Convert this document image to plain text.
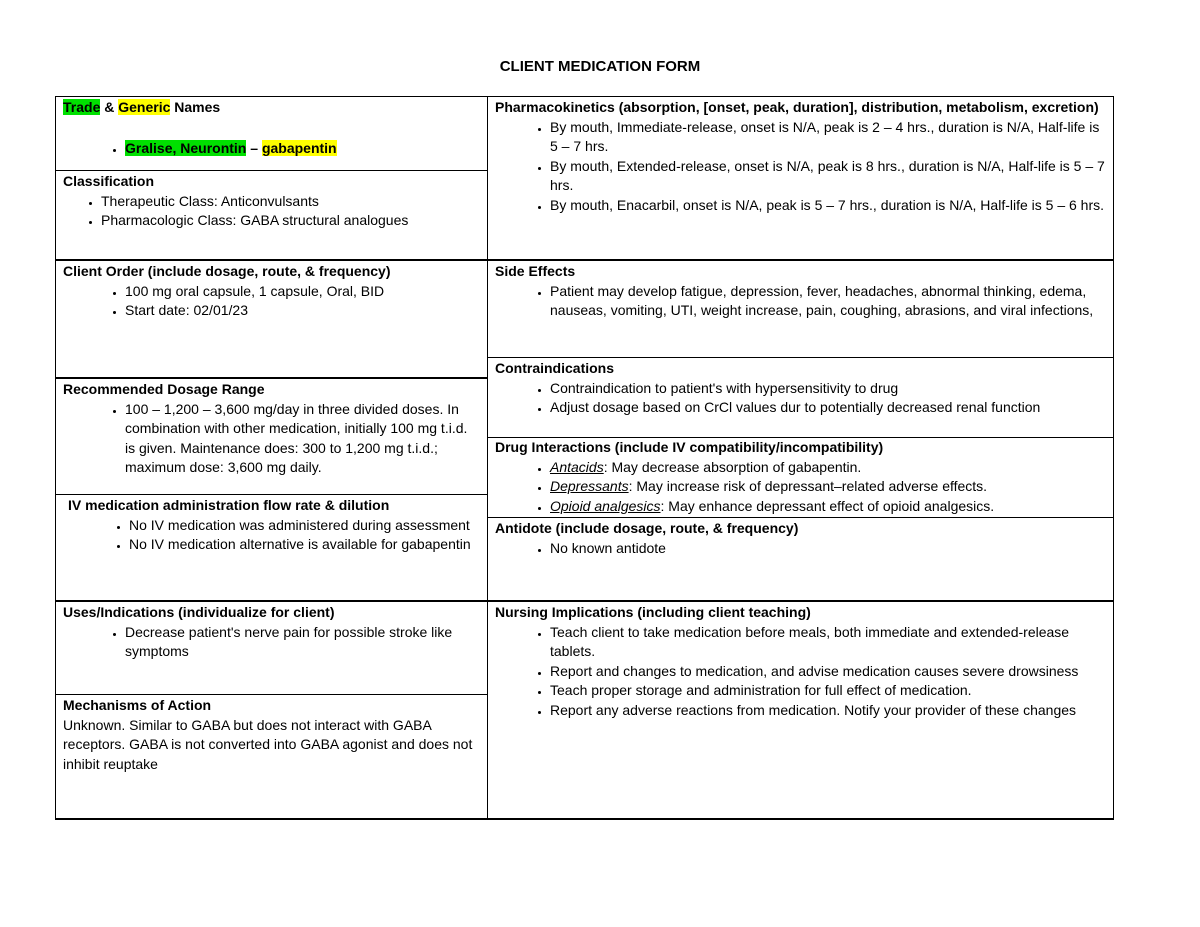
CLIENT MEDICATION FORM

Trade & Generic Names

• Gralise, Neurontin – gabapentin

Classification

• Therapeutic Class: Anticonvulsants
• Pharmacologic Class: GABA structural analogues

Client Order (include dosage, route, & frequency)

• 100 mg oral capsule, 1 capsule, Oral, BID
• Start date: 02/01/23

Recommended Dosage Range

• 100 – 1,200 – 3,600 mg/day in three divided doses. In combination with other medication, initially 100 mg t.i.d. is given. Maintenance does: 300 to 1,200 mg t.i.d.; maximum dose: 3,600 mg daily.

IV medication administration flow rate & dilution

• No IV medication was administered during assessment
• No IV medication alternative is available for gabapentin

Uses/Indications (individualize for client)

• Decrease patient's nerve pain for possible stroke like symptoms

Mechanisms of Action

Unknown. Similar to GABA but does not interact with GABA receptors. GABA is not converted into GABA agonist and does not inhibit reuptake

Pharmacokinetics (absorption, [onset, peak, duration], distribution, metabolism, excretion)

• By mouth, Immediate-release, onset is N/A, peak is 2 – 4 hrs., duration is N/A, Half-life is 5 – 7 hrs.
• By mouth, Extended-release, onset is N/A, peak is 8 hrs., duration is N/A, Half-life is 5 – 7 hrs.
• By mouth, Enacarbil, onset is N/A, peak is 5 – 7 hrs., duration is N/A, Half-life is 5 – 6 hrs.

Side Effects

• Patient may develop fatigue, depression, fever, headaches, abnormal thinking, edema, nauseas, vomiting, UTI, weight increase, pain, coughing, abrasions, and viral infections,

Contraindications

• Contraindication to patient's with hypersensitivity to drug
• Adjust dosage based on CrCl values dur to potentially decreased renal function

Drug Interactions (include IV compatibility/incompatibility)

• Antacids: May decrease absorption of gabapentin.
• Depressants: May increase risk of depressant–related adverse effects.
• Opioid analgesics: May enhance depressant effect of opioid analgesics.

Antidote (include dosage, route, & frequency)

• No known antidote

Nursing Implications (including client teaching)

• Teach client to take medication before meals, both immediate and extended-release tablets.
• Report and changes to medication, and advise medication causes severe drowsiness
• Teach proper storage and administration for full effect of medication.
• Report any adverse reactions from medication. Notify your provider of these changes
